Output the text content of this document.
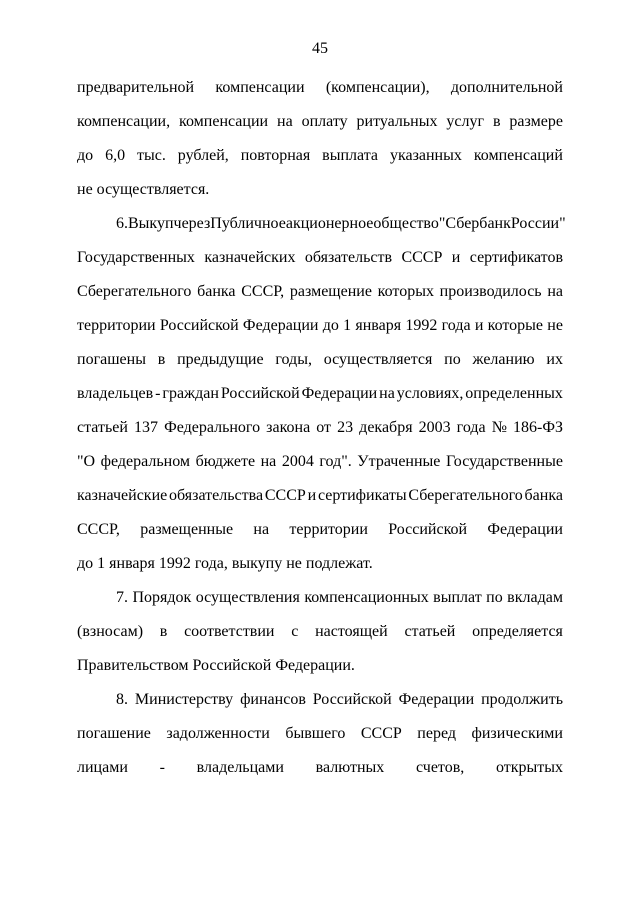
45
предварительной компенсации (компенсации), дополнительной
компенсации, компенсации на оплату ритуальных услуг в размере
до 6,0 тыс. рублей, повторная выплата указанных компенсаций
не осуществляется.
6. Выкуп через Публичное акционерное общество "Сбербанк России"
Государственных казначейских обязательств СССР и сертификатов
Сберегательного банка СССР, размещение которых производилось на
территории Российской Федерации до 1 января 1992 года и которые не
погашены в предыдущие годы, осуществляется по желанию их
владельцев - граждан Российской Федерации на условиях, определенных
статьей 137 Федерального закона от 23 декабря 2003 года № 186-ФЗ
"О федеральном бюджете на 2004 год". Утраченные Государственные
казначейские обязательства СССР и сертификаты Сберегательного банка
СССР, размещенные на территории Российской Федерации
до 1 января 1992 года, выкупу не подлежат.
7. Порядок осуществления компенсационных выплат по вкладам
(взносам) в соответствии с настоящей статьей определяется
Правительством Российской Федерации.
8. Министерству финансов Российской Федерации продолжить
погашение задолженности бывшего СССР перед физическими
лицами - владельцами валютных счетов, открытых
